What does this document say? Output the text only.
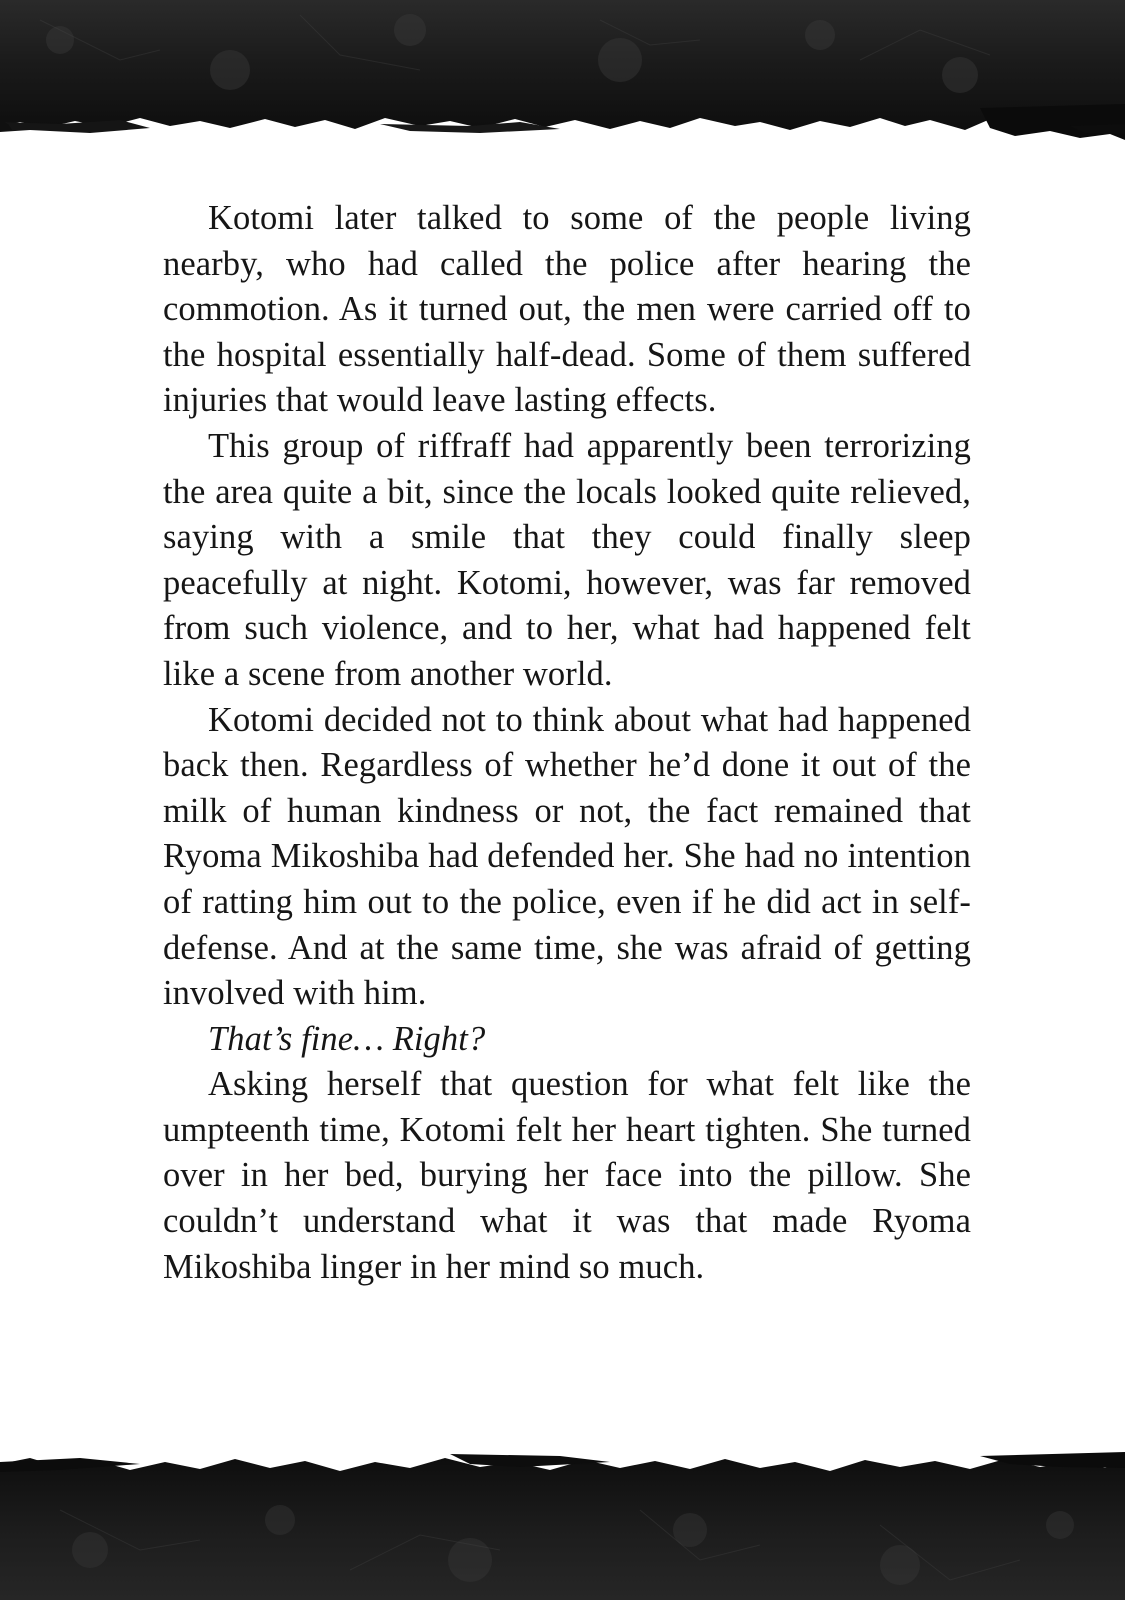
Kotomi later talked to some of the people living nearby, who had called the police after hearing the commotion. As it turned out, the men were carried off to the hospital essentially half-dead. Some of them suffered injuries that would leave lasting effects.

This group of riffraff had apparently been terrorizing the area quite a bit, since the locals looked quite relieved, saying with a smile that they could finally sleep peacefully at night. Kotomi, however, was far removed from such violence, and to her, what had happened felt like a scene from another world.

Kotomi decided not to think about what had happened back then. Regardless of whether he’d done it out of the milk of human kindness or not, the fact remained that Ryoma Mikoshiba had defended her. She had no intention of ratting him out to the police, even if he did act in self-defense. And at the same time, she was afraid of getting involved with him.

That’s fine… Right?

Asking herself that question for what felt like the umpteenth time, Kotomi felt her heart tighten. She turned over in her bed, burying her face into the pillow. She couldn’t understand what it was that made Ryoma Mikoshiba linger in her mind so much.
